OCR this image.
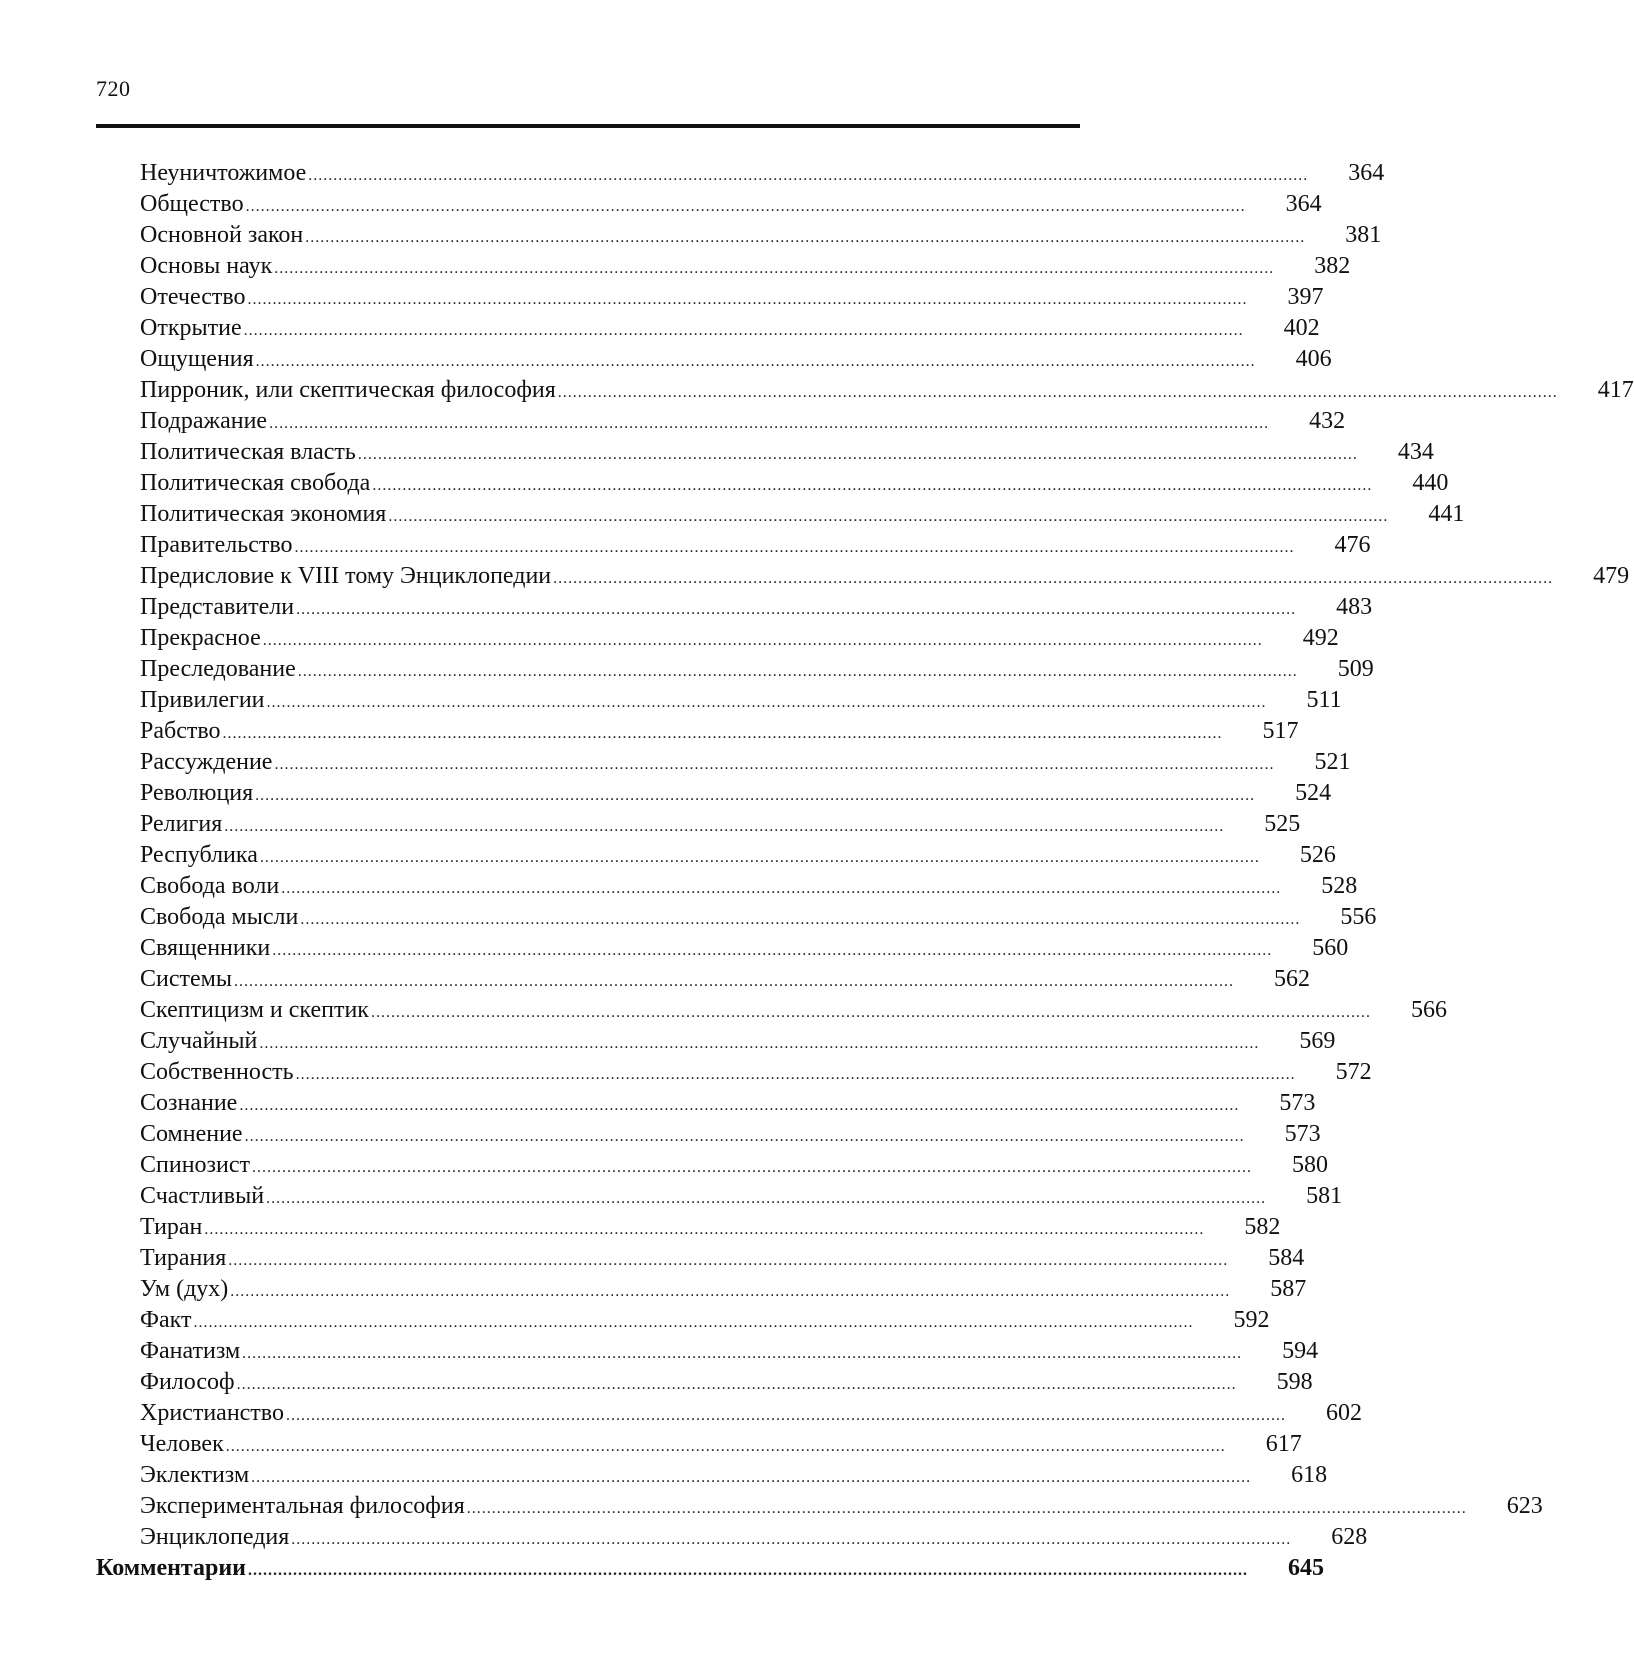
720
Неуничтожимое ........................................................................................................................................................................................................ 364
Общество ........................................................................................................................................................................................................ 364
Основной закон ........................................................................................................................................................................................................ 381
Основы наук ........................................................................................................................................................................................................ 382
Отечество ........................................................................................................................................................................................................ 397
Открытие ........................................................................................................................................................................................................ 402
Ощущения ........................................................................................................................................................................................................ 406
Пирроник, или скептическая философия ........................................................................................................................................................................................................ 417
Подражание ........................................................................................................................................................................................................ 432
Политическая власть ........................................................................................................................................................................................................ 434
Политическая свобода ........................................................................................................................................................................................................ 440
Политическая экономия ........................................................................................................................................................................................................ 441
Правительство ........................................................................................................................................................................................................ 476
Предисловие к VIII тому Энциклопедии ........................................................................................................................................................................................................ 479
Представители ........................................................................................................................................................................................................ 483
Прекрасное ........................................................................................................................................................................................................ 492
Преследование ........................................................................................................................................................................................................ 509
Привилегии ........................................................................................................................................................................................................ 511
Рабство ........................................................................................................................................................................................................ 517
Рассуждение ........................................................................................................................................................................................................ 521
Революция ........................................................................................................................................................................................................ 524
Религия ........................................................................................................................................................................................................ 525
Республика ........................................................................................................................................................................................................ 526
Свобода воли ........................................................................................................................................................................................................ 528
Свобода мысли ........................................................................................................................................................................................................ 556
Священники ........................................................................................................................................................................................................ 560
Системы ........................................................................................................................................................................................................ 562
Скептицизм и скептик ........................................................................................................................................................................................................ 566
Случайный ........................................................................................................................................................................................................ 569
Собственность ........................................................................................................................................................................................................ 572
Сознание ........................................................................................................................................................................................................ 573
Сомнение ........................................................................................................................................................................................................ 573
Спинозист ........................................................................................................................................................................................................ 580
Счастливый ........................................................................................................................................................................................................ 581
Тиран ........................................................................................................................................................................................................ 582
Тирания ........................................................................................................................................................................................................ 584
Ум (дух) ........................................................................................................................................................................................................ 587
Факт ........................................................................................................................................................................................................ 592
Фанатизм ........................................................................................................................................................................................................ 594
Философ ........................................................................................................................................................................................................ 598
Христианство ........................................................................................................................................................................................................ 602
Человек ........................................................................................................................................................................................................ 617
Эклектизм ........................................................................................................................................................................................................ 618
Экспериментальная философия ........................................................................................................................................................................................................ 623
Энциклопедия ........................................................................................................................................................................................................ 628
Комментарии ........................................................................................................................................................................................................ 645
